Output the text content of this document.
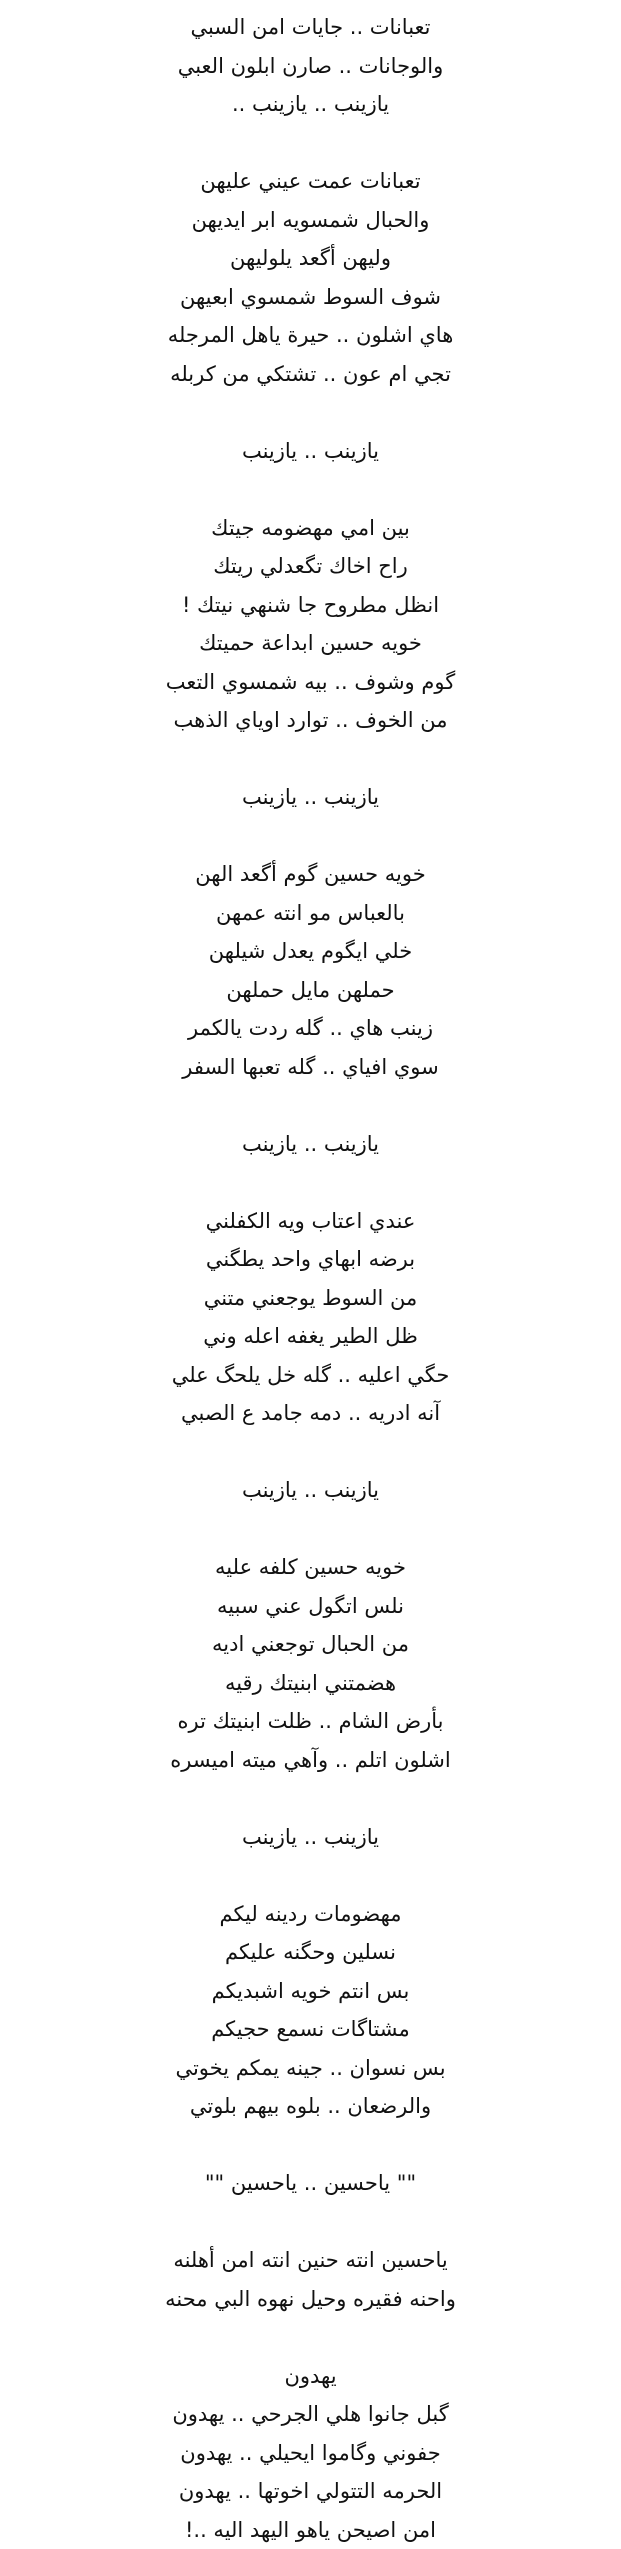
تعبانات .. جايات امن السبي
والوجانات .. صارن ابلون العبي
يازينب .. يازينب ..
تعبانات عمت عيني عليهن
والحبال شمسويه ابر ايديهن
وليهن أگعد يلوليهن
شوف السوط شمسوي ابعيهن
هاي اشلون .. حيرة ياهل المرجله
تجي ام عون .. تشتكي من كربله
يازينب .. يازينب
بين امي مهضومه جيتك
راح اخاك تگعدلي ريتك
انظل مطروح جا شنهي نيتك !
خويه حسين ابداعة حميتك
گوم وشوف .. بيه شمسوي التعب
من الخوف .. توارد اوياي الذهب
يازينب .. يازينب
خويه حسين گوم أگعد الهن
بالعباس مو انته عمهن
خلي ايگوم يعدل شيلهن
حملهن مايل حملهن
زينب هاي .. گله ردت يالكمر
سوي افياي .. گله تعبها السفر
يازينب .. يازينب
عندي اعتاب ويه الكفلني
برضه ابهاي واحد يطگني
من السوط يوجعني متني
ظل الطير يغفه اعله وني
حگي اعليه .. گله خل يلحگ علي
آنه ادريه .. دمه جامد ع الصبي
يازينب .. يازينب
خويه حسين كلفه عليه
نلس اتگول عني سبيه
من الحبال توجعني اديه
هضمتني ابنيتك رقيه
بأرض الشام .. ظلت ابنيتك تره
اشلون اتلم .. وآهي ميته اميسره
يازينب .. يازينب
مهضومات ردينه ليكم
نسلين وحگنه عليكم
بس انتم خويه اشبديكم
مشتاگات نسمع حجيكم
بس نسوان .. جينه يمكم يخوتي
والرضعان .. بلوه بيهم بلوتي
"" ياحسين .. ياحسين ""
ياحسين انته حنين انته امن أهلنه
واحنه فقيره وحيل نهوه البي محنه
يهدون
گبل جانوا هلي الجرحي .. يهدون
جفوني وگاموا ايحيلي .. يهدون
الحرمه التتولي اخوتها .. يهدون
امن اصيحن ياهو اليهد اليه ..!
